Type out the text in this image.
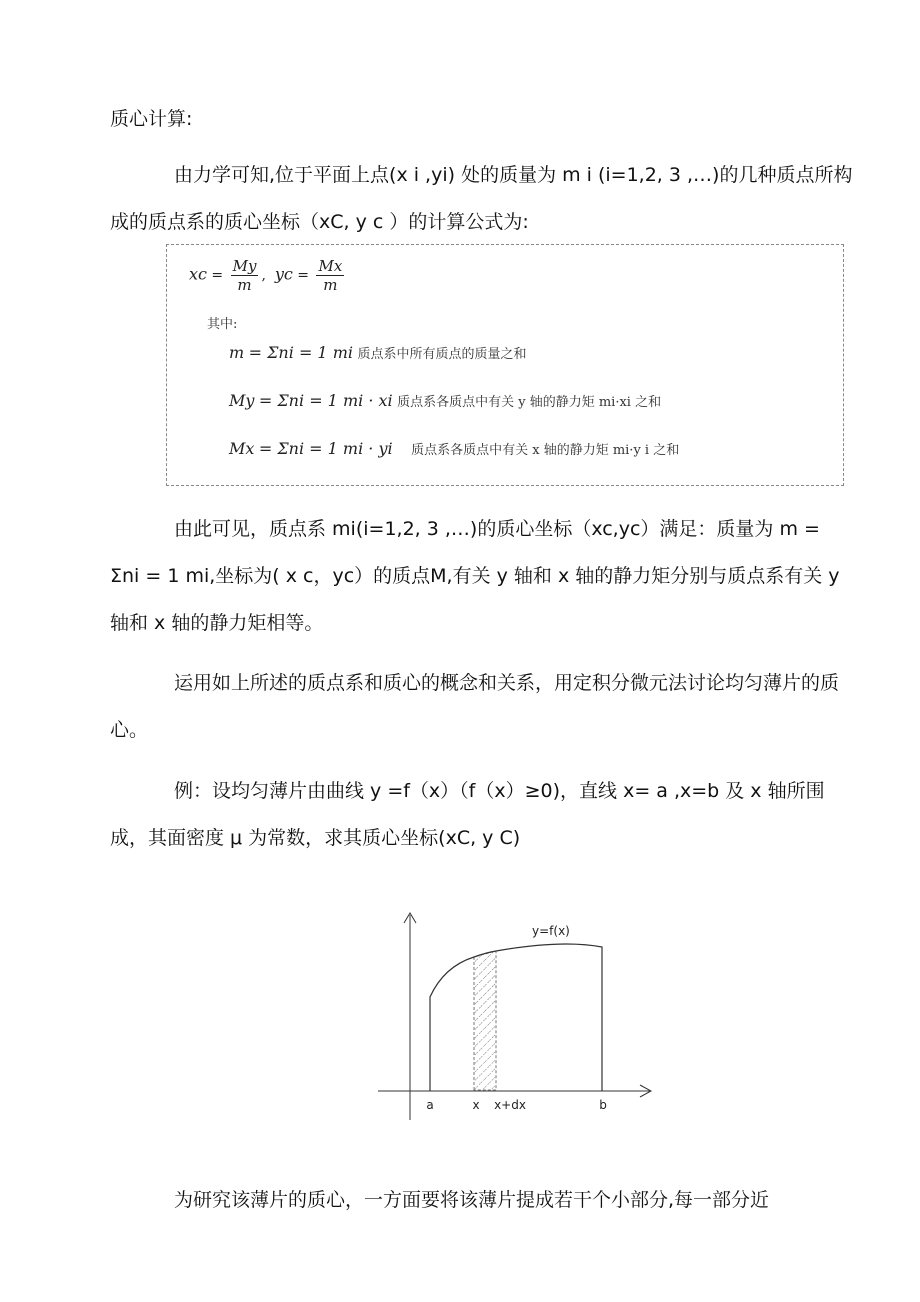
质心计算:
由力学可知,位于平面上点(x i ,yi) 处的质量为 m i (i=1,2, 3 ,…)的几种质点所构成的质点系的质心坐标（xC, y c ）的计算公式为:
xc = $\frac{My}{m}$ ,  yc = $\frac{Mx}{m}$
其中:
m = Σni = 1 mi 质点系中所有质点的质量之和
My = Σni = 1 mi · xi 质点系各质点中有关 y 轴的静力矩 mi·xi 之和
Mx = Σni = 1 mi · yi 质点系各质点中有关 x 轴的静力矩 mi·y i 之和
由此可见，质点系 mi(i=1,2, 3 ,…)的质心坐标（xc,yc）满足：质量为 m = Σni = 1 mi,坐标为( x c，yc）的质点M,有关 y 轴和 x 轴的静力矩分别与质点系有关 y 轴和 x 轴的静力矩相等。
运用如上所述的质点系和质心的概念和关系，用定积分微元法讨论均匀薄片的质心。
例：设均匀薄片由曲线 y =f（x）（f（x）≥0)，直线 x= a ,x=b 及 x 轴所围成，其面密度 μ 为常数，求其质心坐标(xC, y C)
y=f(x)
a	x x+dx	b
为研究该薄片的质心，一方面要将该薄片提成若干个小部分,每一部分近
